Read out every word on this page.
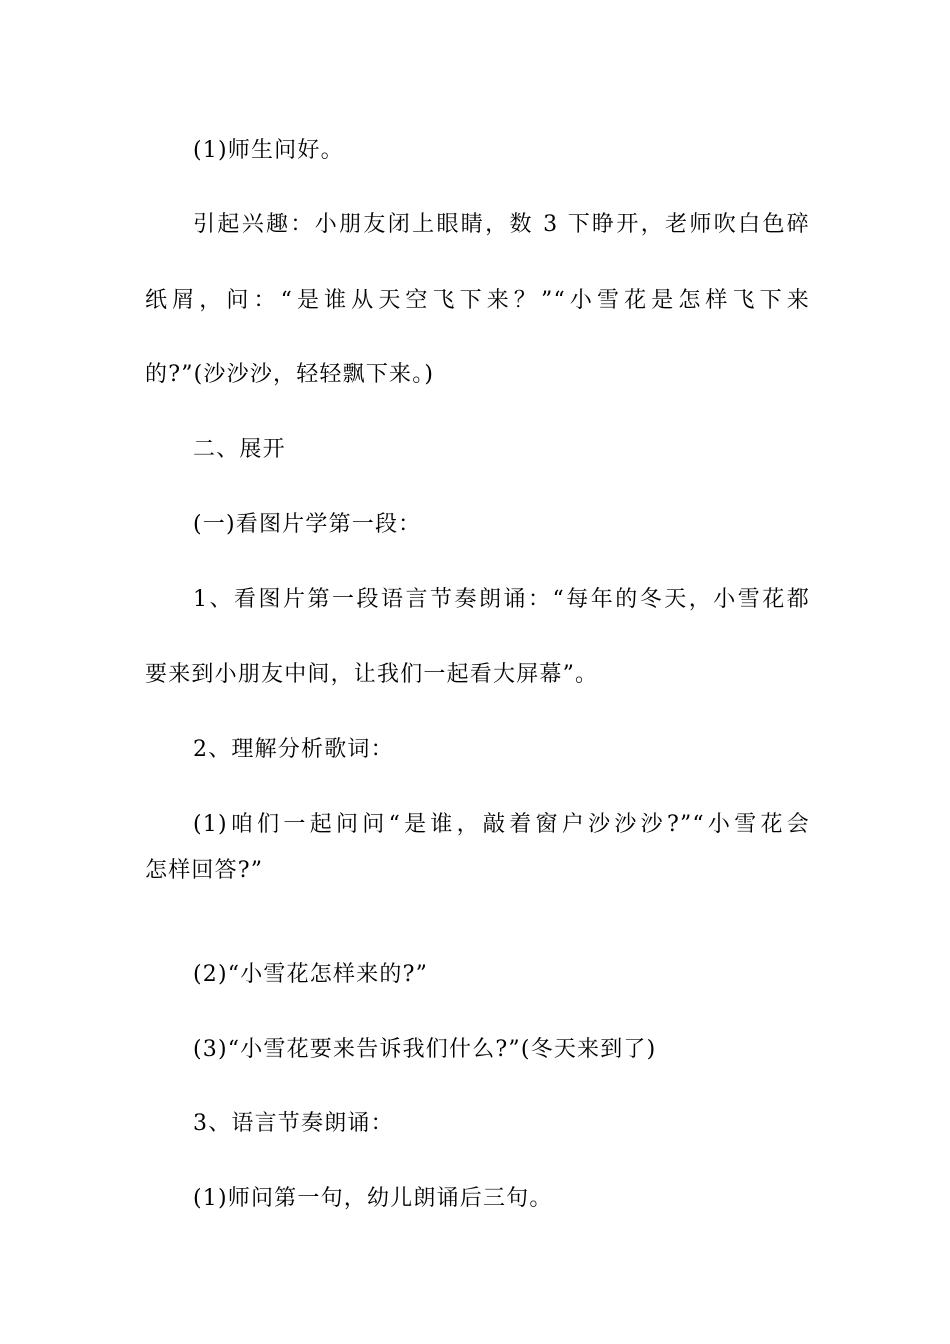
(1)师生问好。
引起兴趣：小朋友闭上眼睛，数 3 下睁开，老师吹白色碎
纸屑，问：“是谁从天空飞下来？”“小雪花是怎样飞下来
的?”(沙沙沙，轻轻飘下来。)
二、展开
(一)看图片学第一段：
1、看图片第一段语言节奏朗诵：“每年的冬天，小雪花都
要来到小朋友中间，让我们一起看大屏幕”。
2、理解分析歌词：
(1)咱们一起问问“是谁，敲着窗户沙沙沙?”“小雪花会
怎样回答?”
(2)“小雪花怎样来的?”
(3)“小雪花要来告诉我们什么?”(冬天来到了)
3、语言节奏朗诵：
(1)师问第一句，幼儿朗诵后三句。
